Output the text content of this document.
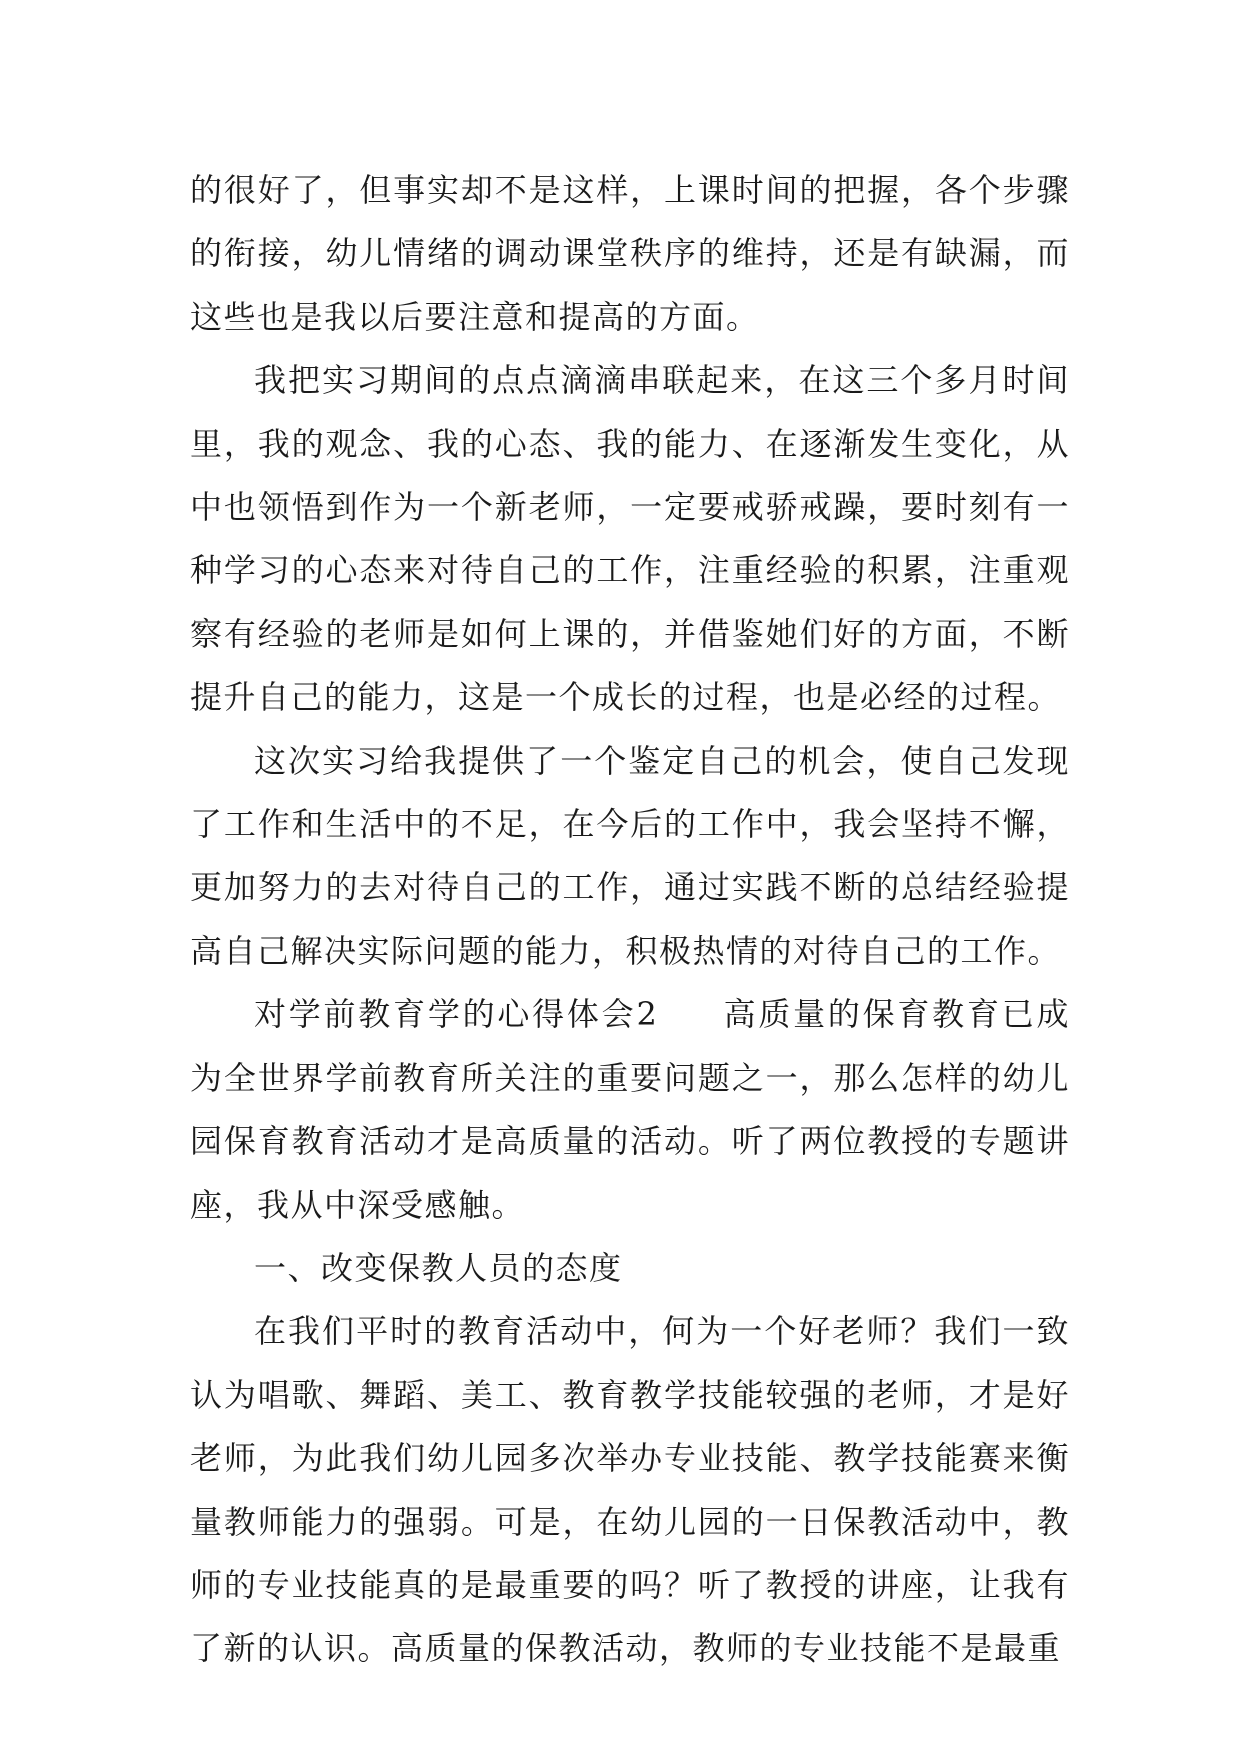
的很好了，但事实却不是这样，上课时间的把握，各个步骤的衔接，幼儿情绪的调动课堂秩序的维持，还是有缺漏，而这些也是我以后要注意和提高的方面。

我把实习期间的点点滴滴串联起来，在这三个多月时间里，我的观念、我的心态、我的能力、在逐渐发生变化，从中也领悟到作为一个新老师，一定要戒骄戒躁，要时刻有一种学习的心态来对待自己的工作，注重经验的积累，注重观察有经验的老师是如何上课的，并借鉴她们好的方面，不断提升自己的能力，这是一个成长的过程，也是必经的过程。

这次实习给我提供了一个鉴定自己的机会，使自己发现了工作和生活中的不足，在今后的工作中，我会坚持不懈，更加努力的去对待自己的工作，通过实践不断的总结经验提高自己解决实际问题的能力，积极热情的对待自己的工作。

对学前教育学的心得体会2 高质量的保育教育已成为全世界学前教育所关注的重要问题之一，那么怎样的幼儿园保育教育活动才是高质量的活动。听了两位教授的专题讲座，我从中深受感触。

一、改变保教人员的态度

在我们平时的教育活动中，何为一个好老师？我们一致认为唱歌、舞蹈、美工、教育教学技能较强的老师，才是好老师，为此我们幼儿园多次举办专业技能、教学技能赛来衡量教师能力的强弱。可是，在幼儿园的一日保教活动中，教师的专业技能真的是最重要的吗？听了教授的讲座，让我有了新的认识。高质量的保教活动，教师的专业技能不是最重
